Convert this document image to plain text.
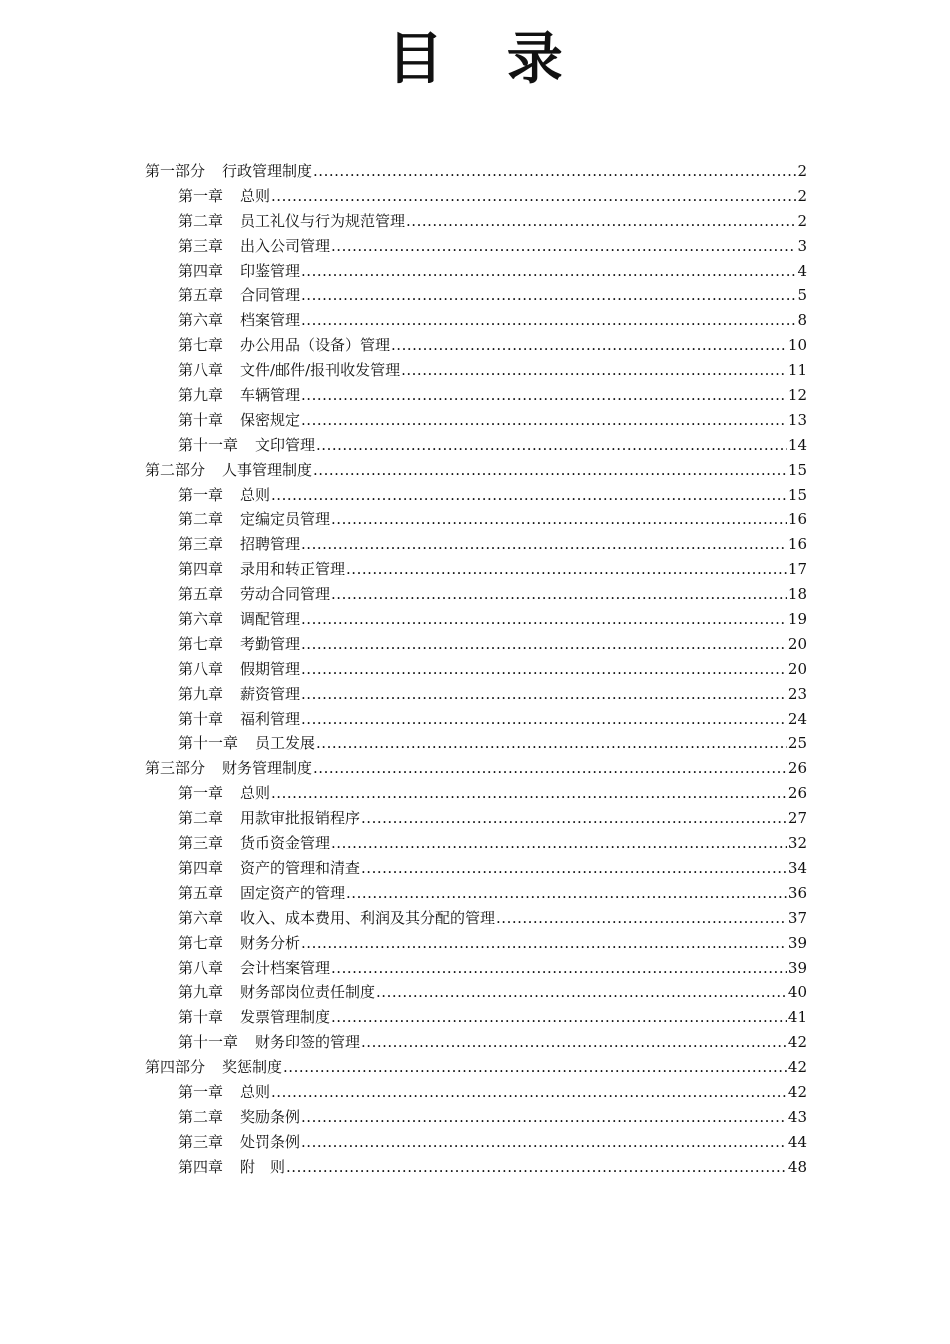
目 录
第一部分 行政管理制度 .....	2
第一章 总则 .....	2
第二章 员工礼仪与行为规范管理 .....	2
第三章 出入公司管理 .....	3
第四章 印鉴管理 .....	4
第五章 合同管理 .....	5
第六章 档案管理 .....	8
第七章 办公用品（设备）管理 .....	10
第八章 文件/邮件/报刊收发管理 .....	11
第九章 车辆管理 .....	12
第十章 保密规定 .....	13
第十一章 文印管理 .....	14
第二部分 人事管理制度 .....	15
第一章 总则 .....	15
第二章 定编定员管理 .....	16
第三章 招聘管理 .....	16
第四章 录用和转正管理 .....	17
第五章 劳动合同管理 .....	18
第六章 调配管理 .....	19
第七章 考勤管理 .....	20
第八章 假期管理 .....	20
第九章 薪资管理 .....	23
第十章 福利管理 .....	24
第十一章 员工发展 .....	25
第三部分 财务管理制度 .....	26
第一章 总则 .....	26
第二章 用款审批报销程序 .....	27
第三章 货币资金管理 .....	32
第四章 资产的管理和清查 .....	34
第五章 固定资产的管理 .....	36
第六章 收入、成本费用、利润及其分配的管理 .....	37
第七章 财务分析 .....	39
第八章 会计档案管理 .....	39
第九章 财务部岗位责任制度 .....	40
第十章 发票管理制度 .....	41
第十一章 财务印签的管理 .....	42
第四部分 奖惩制度 .....	42
第一章 总则 .....	42
第二章 奖励条例 .....	43
第三章 处罚条例 .....	44
第四章 附　则 .....	48
